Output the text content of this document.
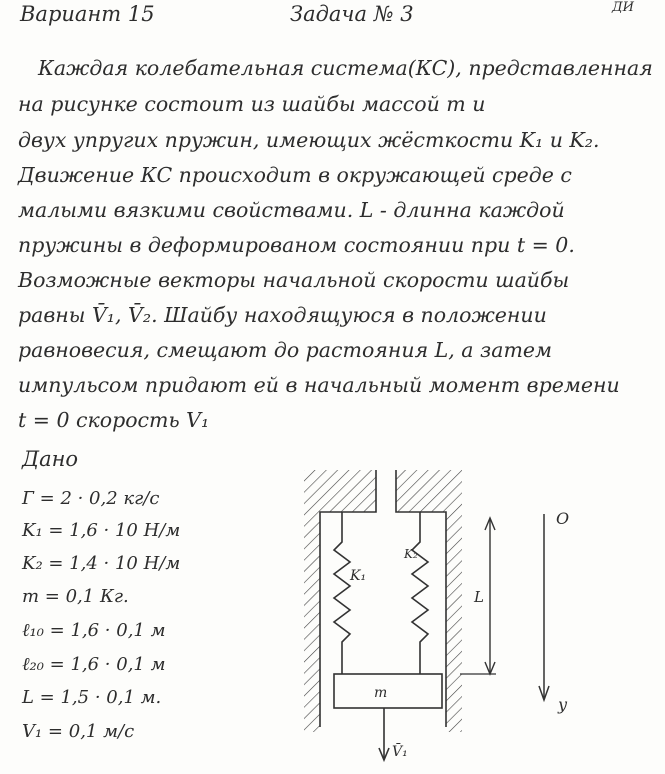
Вариант 15	Задача № 3	ДИ
Каждая колебательная система(КС), представленная
на рисунке состоит из шайбы массой m и
двух упругих пружин, имеющих жёсткости K₁ и K₂.
Движение КС происходит в окружающей среде с
малыми вязкими свойствами. L - длинна каждой
пружины в деформированом состоянии при t = 0.
Возможные векторы начальной скорости шайбы
равны V̄₁, V̄₂. Шайбу находящуюся в положении
равновесия, смещают до растояния L, а затем
импульсом придают ей в начальный момент времени
t = 0 скорость V₁
Дано
Г = 2 · 0,2 кг/с
K₁ = 1,6 · 10 Н/м
K₂ = 1,4 · 10 Н/м
m = 0,1 Кг.
ℓ₁₀ = 1,6 · 0,1 м
ℓ₂₀ = 1,6 · 0,1 м
L = 1,5 · 0,1 м.
V₁ = 0,1 м/с
K₁
K₂
m
V̄₁
L
O
y
